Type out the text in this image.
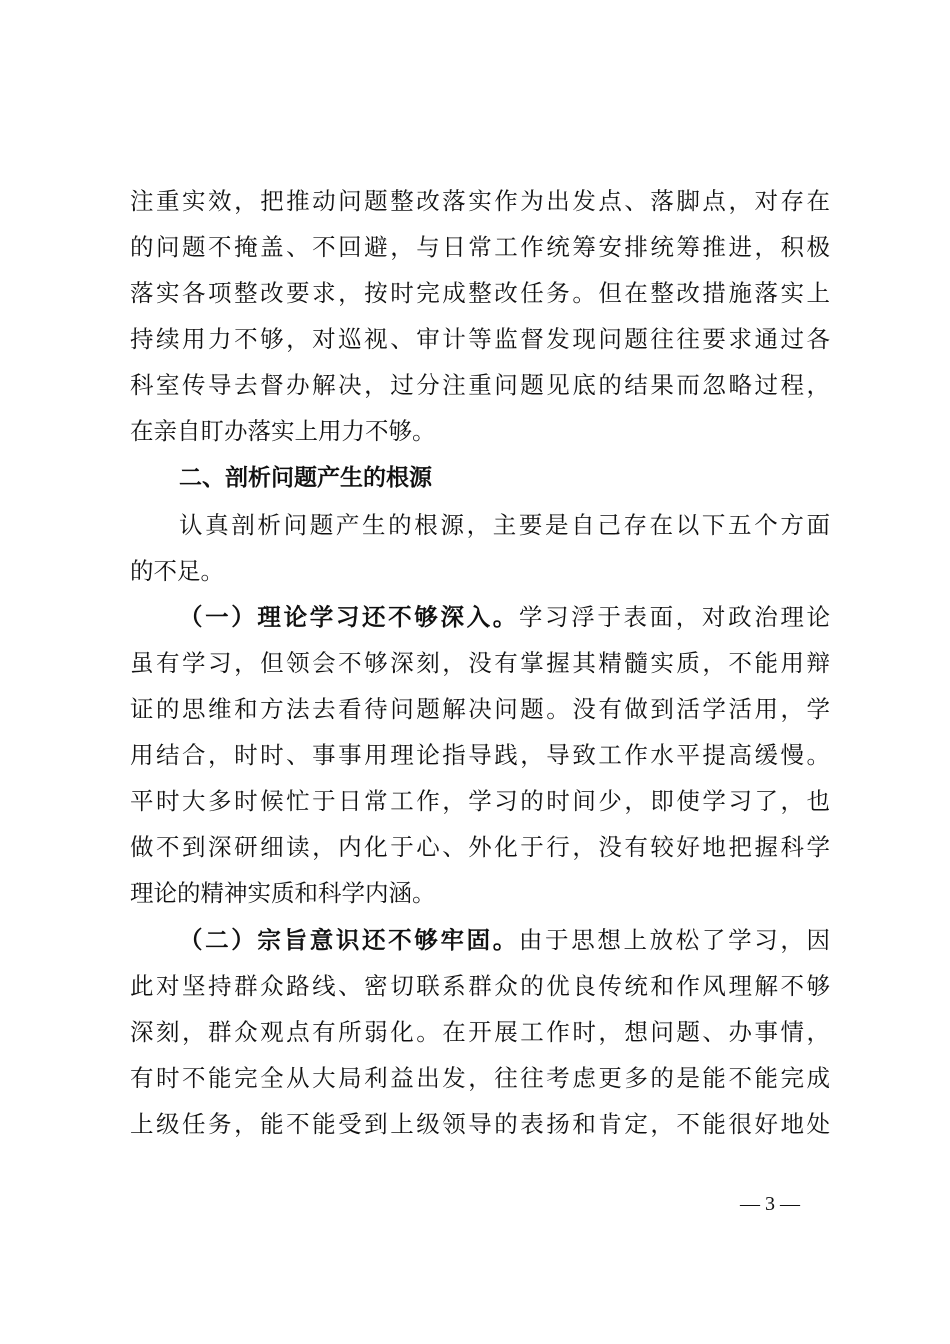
注重实效，把推动问题整改落实作为出发点、落脚点，对存在
的问题不掩盖、不回避，与日常工作统筹安排统筹推进，积极
落实各项整改要求，按时完成整改任务。但在整改措施落实上
持续用力不够，对巡视、审计等监督发现问题往往要求通过各
科室传导去督办解决，过分注重问题见底的结果而忽略过程，
在亲自盯办落实上用力不够。
二、剖析问题产生的根源
认真剖析问题产生的根源，主要是自己存在以下五个方面
的不足。
（一）理论学习还不够深入。学习浮于表面，对政治理论
虽有学习，但领会不够深刻，没有掌握其精髓实质，不能用辩
证的思维和方法去看待问题解决问题。没有做到活学活用，学
用结合，时时、事事用理论指导践，导致工作水平提高缓慢。
平时大多时候忙于日常工作，学习的时间少，即使学习了，也
做不到深研细读，内化于心、外化于行，没有较好地把握科学
理论的精神实质和科学内涵。
（二）宗旨意识还不够牢固。由于思想上放松了学习，因
此对坚持群众路线、密切联系群众的优良传统和作风理解不够
深刻，群众观点有所弱化。在开展工作时，想问题、办事情，
有时不能完全从大局利益出发，往往考虑更多的是能不能完成
上级任务，能不能受到上级领导的表扬和肯定，不能很好地处
— 3 —
